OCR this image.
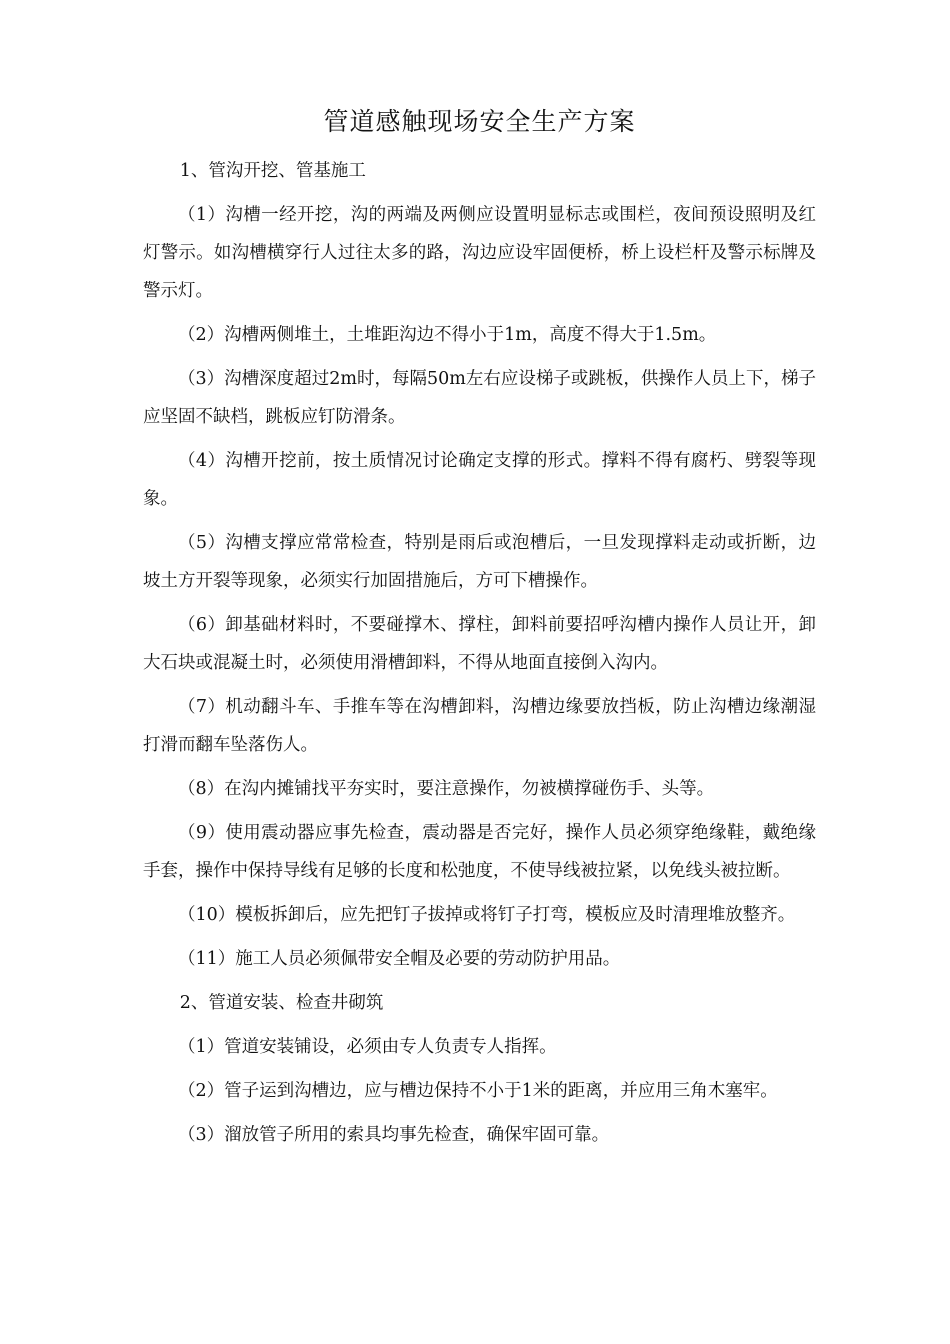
管道感触现场安全生产方案

1、管沟开挖、管基施工

（1）沟槽一经开挖，沟的两端及两侧应设置明显标志或围栏，夜间预设照明及红灯警示。如沟槽横穿行人过往太多的路，沟边应设牢固便桥，桥上设栏杆及警示标牌及警示灯。

（2）沟槽两侧堆土，土堆距沟边不得小于1m，高度不得大于1.5m。

（3）沟槽深度超过2m时，每隔50m左右应设梯子或跳板，供操作人员上下，梯子应坚固不缺档，跳板应钉防滑条。

（4）沟槽开挖前，按土质情况讨论确定支撑的形式。撑料不得有腐朽、劈裂等现象。

（5）沟槽支撑应常常检查，特别是雨后或泡槽后，一旦发现撑料走动或折断，边坡土方开裂等现象，必须实行加固措施后，方可下槽操作。

（6）卸基础材料时，不要碰撑木、撑柱，卸料前要招呼沟槽内操作人员让开，卸大石块或混凝土时，必须使用滑槽卸料，不得从地面直接倒入沟内。

（7）机动翻斗车、手推车等在沟槽卸料，沟槽边缘要放挡板，防止沟槽边缘潮湿打滑而翻车坠落伤人。

（8）在沟内摊铺找平夯实时，要注意操作，勿被横撑碰伤手、头等。

（9）使用震动器应事先检查，震动器是否完好，操作人员必须穿绝缘鞋，戴绝缘手套，操作中保持导线有足够的长度和松弛度，不使导线被拉紧，以免线头被拉断。

（10）模板拆卸后，应先把钉子拔掉或将钉子打弯，模板应及时清理堆放整齐。

（11）施工人员必须佩带安全帽及必要的劳动防护用品。

2、管道安装、检查井砌筑

（1）管道安装铺设，必须由专人负责专人指挥。

（2）管子运到沟槽边，应与槽边保持不小于1米的距离，并应用三角木塞牢。

（3）溜放管子所用的索具均事先检查，确保牢固可靠。
